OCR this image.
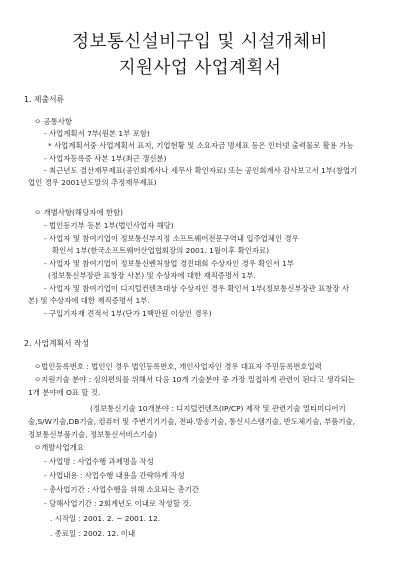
정보통신설비구입 및 시설개체비
지원사업 사업계획서
1. 제출서류
ㅇ 공통사항
- 사업계획서 7부(원본 1부 포함)
* 사업계획서중 사업계획서 표지, 기업현황 및 소요자금 명세표 등은 인터넷 출력물로 활용 가능
- 사업자등록증 사본 1부(최근 갱신분)
- 최근년도 결산재무제표(공인회계사나 세무사 확인자료) 또는 공인회계사 감사보고서 1부(창업기
업인 경우 2001년도말의 추정재무제표)
ㅇ 개별사항(해당자에 한함)
- 법인등기부 등본 1부(법인사업자 해당)
- 사업자 및 참여기업이 정보통신부지정 소프트웨어전문구역내 입주업체인 경우
확인서 1부(한국소프트웨어산업협회장의 2001. 1월이후 확인자료)
- 사업자 및 참여기업이 정보통신벤처창업 경진대회 수상자인 경우 확인서 1부
(정보통신부장관 표창장 사본) 및 수상자에 대한 재직증명서 1부.
- 사업자 및 참여기업이 디지털컨텐츠대상 수상자인 경우 확인서 1부(정보통신부장관 표창장 사
본) 및 수상자에 대한 재직증명서 1부.
- 구입기자재 견적서 1부(단가 1백만원 이상인 경우)
2. 사업계획서 작성
ㅇ법인등록번호 : 법인인 경우 법인등록번호, 개인사업자인 경우 대표자 주민등록번호입력
ㅇ지원기술 분야 : 심의편의를 위해서 다음 10개 기술분야 중 가장 밀접하게 관련이 된다고 생각되는
1개 분야에 O표 할 것.
(정보통신기술 10개분야 : 디지털컨텐츠(IP/CP) 제작 및 관련기술 멀티미디어기
술,S/W기술,DB기술, 컴퓨터 및 주변기기기술, 전파.방송기술, 통신시스템기술, 반도체기술, 부품기술,
정보통신부품기술, 정보통신서비스기술)
ㅇ개발사업개요
- 사업명 : 사업수행 과제명을 작성
- 사업내용 : 사업수행 내용을 간략하게 작성
- 총사업기간 : 사업수행을 위해 소요되는 총기간
- 당해사업기간 : 2회계년도 이내로 작성할 것.
. 시작일 : 2001. 2. ~ 2001. 12.
. 종료일 : 2002. 12. 이내
